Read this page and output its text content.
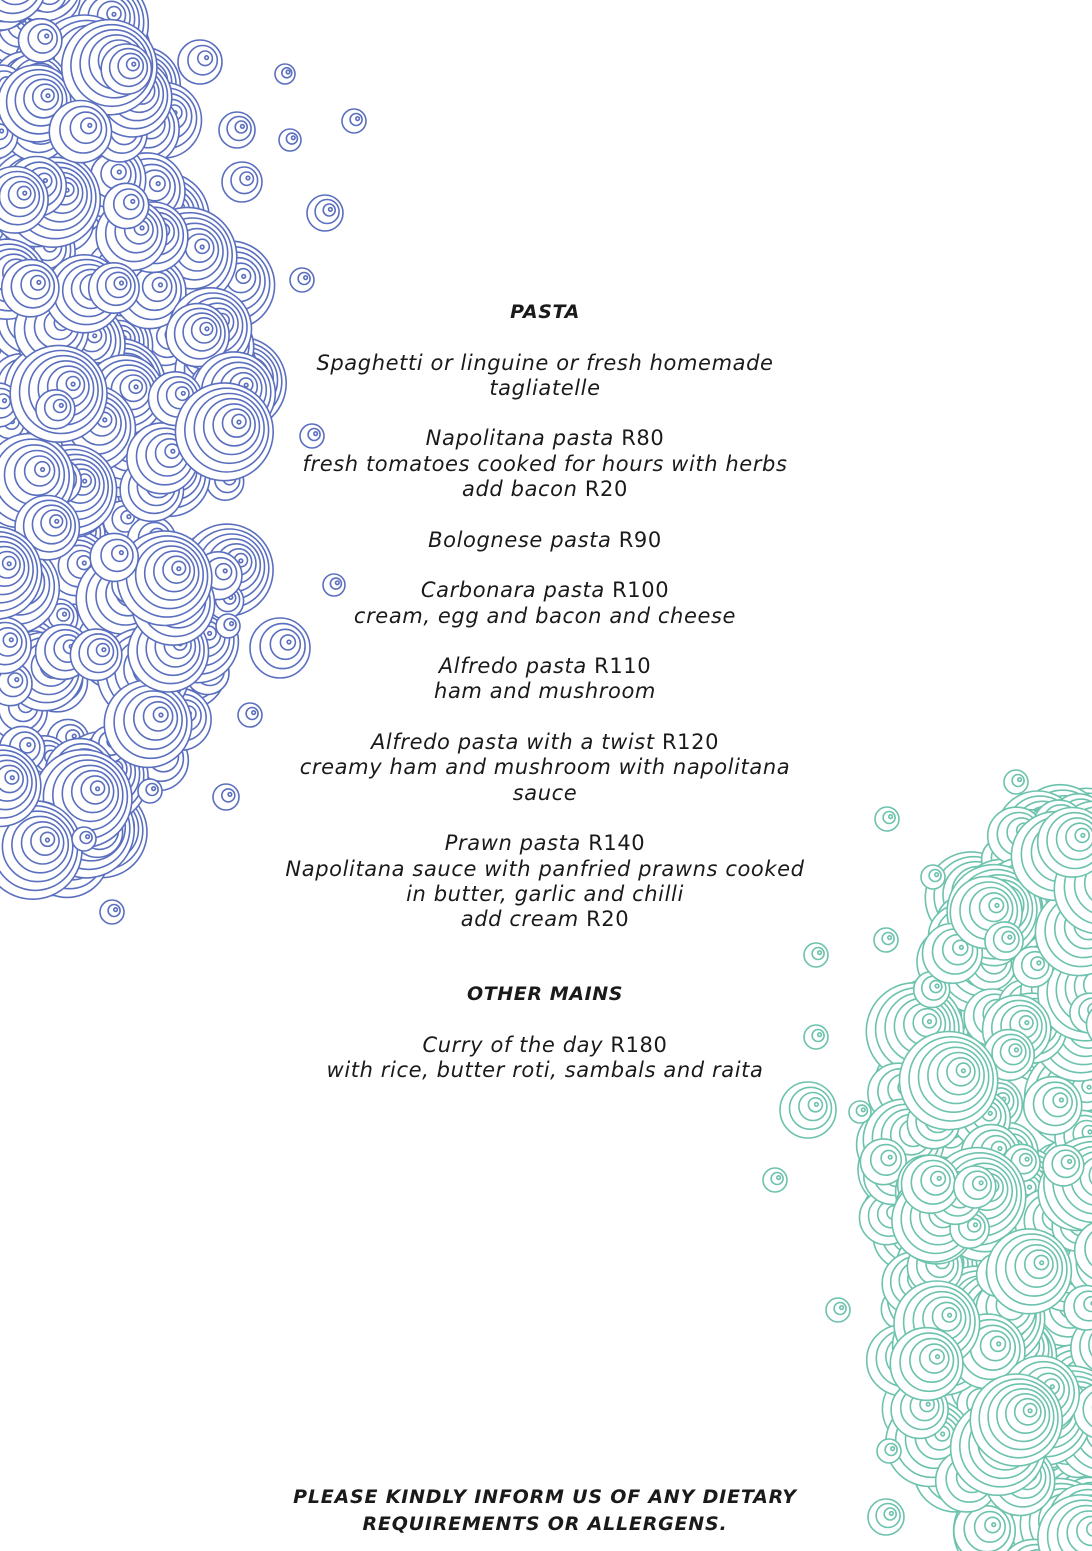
PASTA

Spaghetti or linguine or fresh homemade

tagliatelle

Napolitana pasta R80

fresh tomatoes cooked for hours with herbs

add bacon R20

Bolognese pasta R90

Carbonara pasta R100

cream, egg and bacon and cheese

Alfredo pasta R110

ham and mushroom

Alfredo pasta with a twist R120

creamy ham and mushroom with napolitana

sauce

Prawn pasta R140

Napolitana sauce with panfried prawns cooked

in butter, garlic and chilli

add cream R20

OTHER MAINS

Curry of the day R180

with rice, butter roti, sambals and raita

PLEASE KINDLY INFORM US OF ANY DIETARY

REQUIREMENTS OR ALLERGENS.
